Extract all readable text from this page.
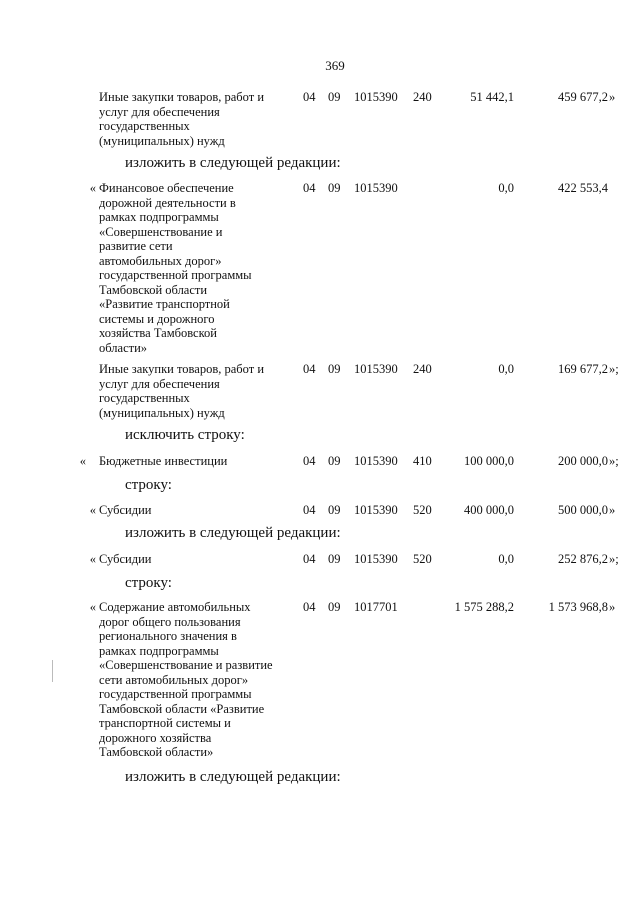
369
Иные закупки товаров, работ и
услуг для обеспечения
государственных
(муниципальных) нужд
04 09 1015390 240	51 442,1	459 677,2 »
изложить в следующей редакции:
« Финансовое обеспечение
дорожной деятельности в
рамках подпрограммы
«Совершенствование и
развитие сети
автомобильных дорог»
государственной программы
Тамбовской области
«Развитие транспортной
системы и дорожного
хозяйства Тамбовской
области»
04 09 1015390	0,0	422 553,4
Иные закупки товаров, работ и
услуг для обеспечения
государственных
(муниципальных) нужд
04 09 1015390 240	0,0	169 677,2 »;
исключить строку:
« Бюджетные инвестиции	04 09 1015390 410	100 000,0	200 000,0 »;
строку:
« Субсидии	04 09 1015390 520	400 000,0	500 000,0 »
изложить в следующей редакции:
« Субсидии	04 09 1015390 520	0,0	252 876,2 »;
строку:
« Содержание автомобильных
дорог общего пользования
регионального значения в
рамках подпрограммы
«Совершенствование и развитие
сети автомобильных дорог»
государственной программы
Тамбовской области «Развитие
транспортной системы и
дорожного хозяйства
Тамбовской области»
04 09 1017701	1 575 288,2	1 573 968,8 »
изложить в следующей редакции:
